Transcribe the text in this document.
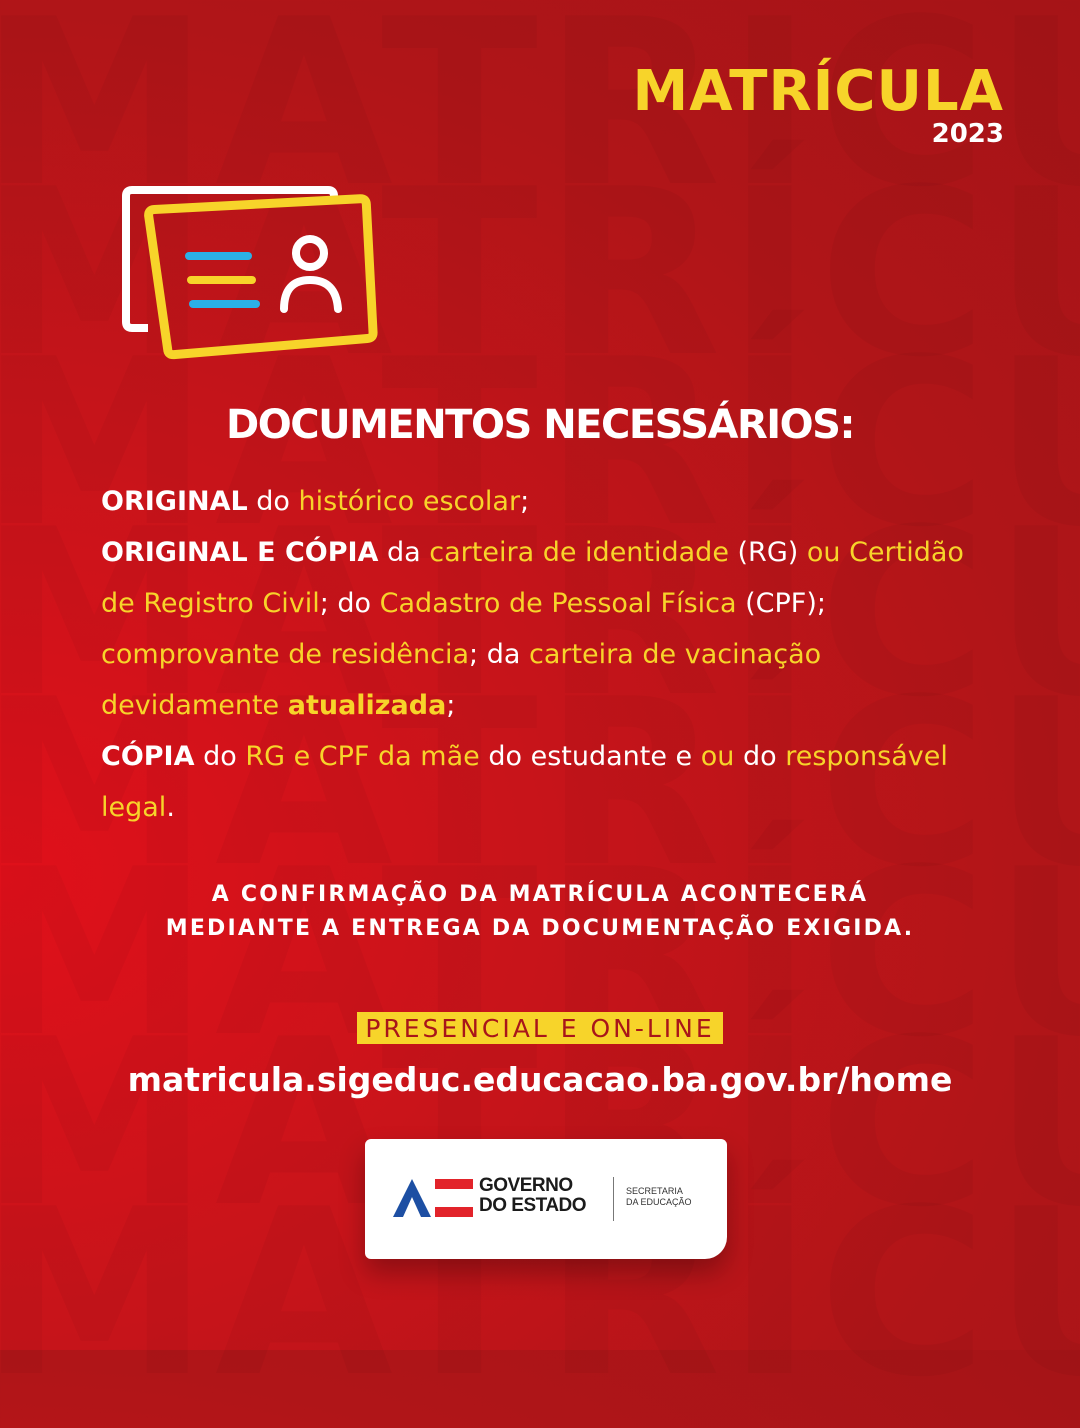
MATRÍCULA
2023
DOCUMENTOS NECESSÁRIOS:
ORIGINAL do histórico escolar;
ORIGINAL E CÓPIA da carteira de identidade (RG) ou Certidão de Registro Civil; do Cadastro de Pessoal Física (CPF); comprovante de residência; da carteira de vacinação devidamente atualizada;
CÓPIA do RG e CPF da mãe do estudante e ou do responsável legal.
A CONFIRMAÇÃO DA MATRÍCULA ACONTECERÁ
MEDIANTE A ENTREGA DA DOCUMENTAÇÃO EXIGIDA.
PRESENCIAL E ON-LINE
matricula.sigeduc.educacao.ba.gov.br/home
GOVERNO
DO ESTADO
SECRETARIA
DA EDUCAÇÃO
